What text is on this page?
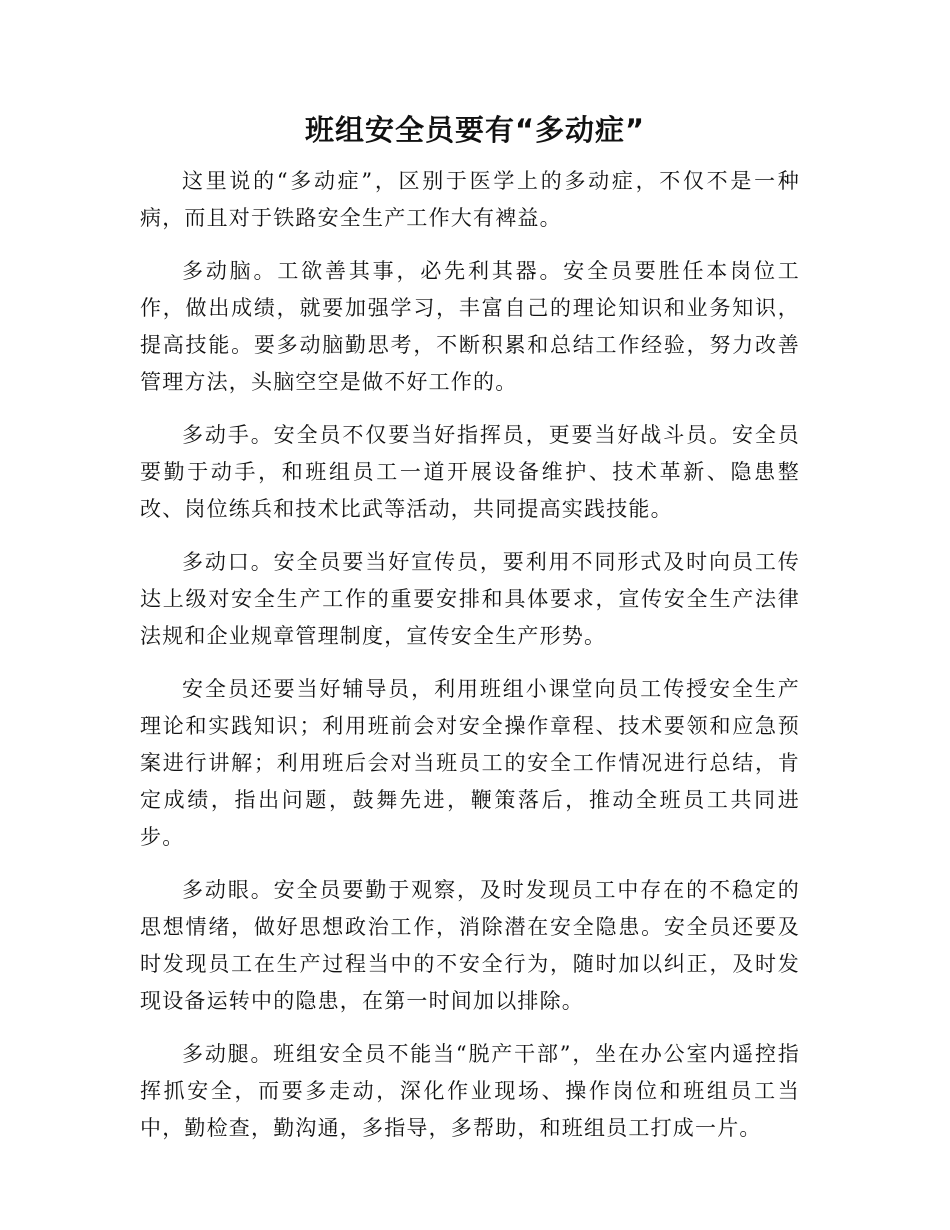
班组安全员要有“多动症”

这里说的“多动症”，区别于医学上的多动症，不仅不是一种病，而且对于铁路安全生产工作大有裨益。

多动脑。工欲善其事，必先利其器。安全员要胜任本岗位工作，做出成绩，就要加强学习，丰富自己的理论知识和业务知识，提高技能。要多动脑勤思考，不断积累和总结工作经验，努力改善管理方法，头脑空空是做不好工作的。

多动手。安全员不仅要当好指挥员，更要当好战斗员。安全员要勤于动手，和班组员工一道开展设备维护、技术革新、隐患整改、岗位练兵和技术比武等活动，共同提高实践技能。

多动口。安全员要当好宣传员，要利用不同形式及时向员工传达上级对安全生产工作的重要安排和具体要求，宣传安全生产法律法规和企业规章管理制度，宣传安全生产形势。

安全员还要当好辅导员，利用班组小课堂向员工传授安全生产理论和实践知识；利用班前会对安全操作章程、技术要领和应急预案进行讲解；利用班后会对当班员工的安全工作情况进行总结，肯定成绩，指出问题，鼓舞先进，鞭策落后，推动全班员工共同进步。

多动眼。安全员要勤于观察，及时发现员工中存在的不稳定的思想情绪，做好思想政治工作，消除潜在安全隐患。安全员还要及时发现员工在生产过程当中的不安全行为，随时加以纠正，及时发现设备运转中的隐患，在第一时间加以排除。

多动腿。班组安全员不能当“脱产干部”，坐在办公室内遥控指挥抓安全，而要多走动，深化作业现场、操作岗位和班组员工当中，勤检查，勤沟通，多指导，多帮助，和班组员工打成一片。
